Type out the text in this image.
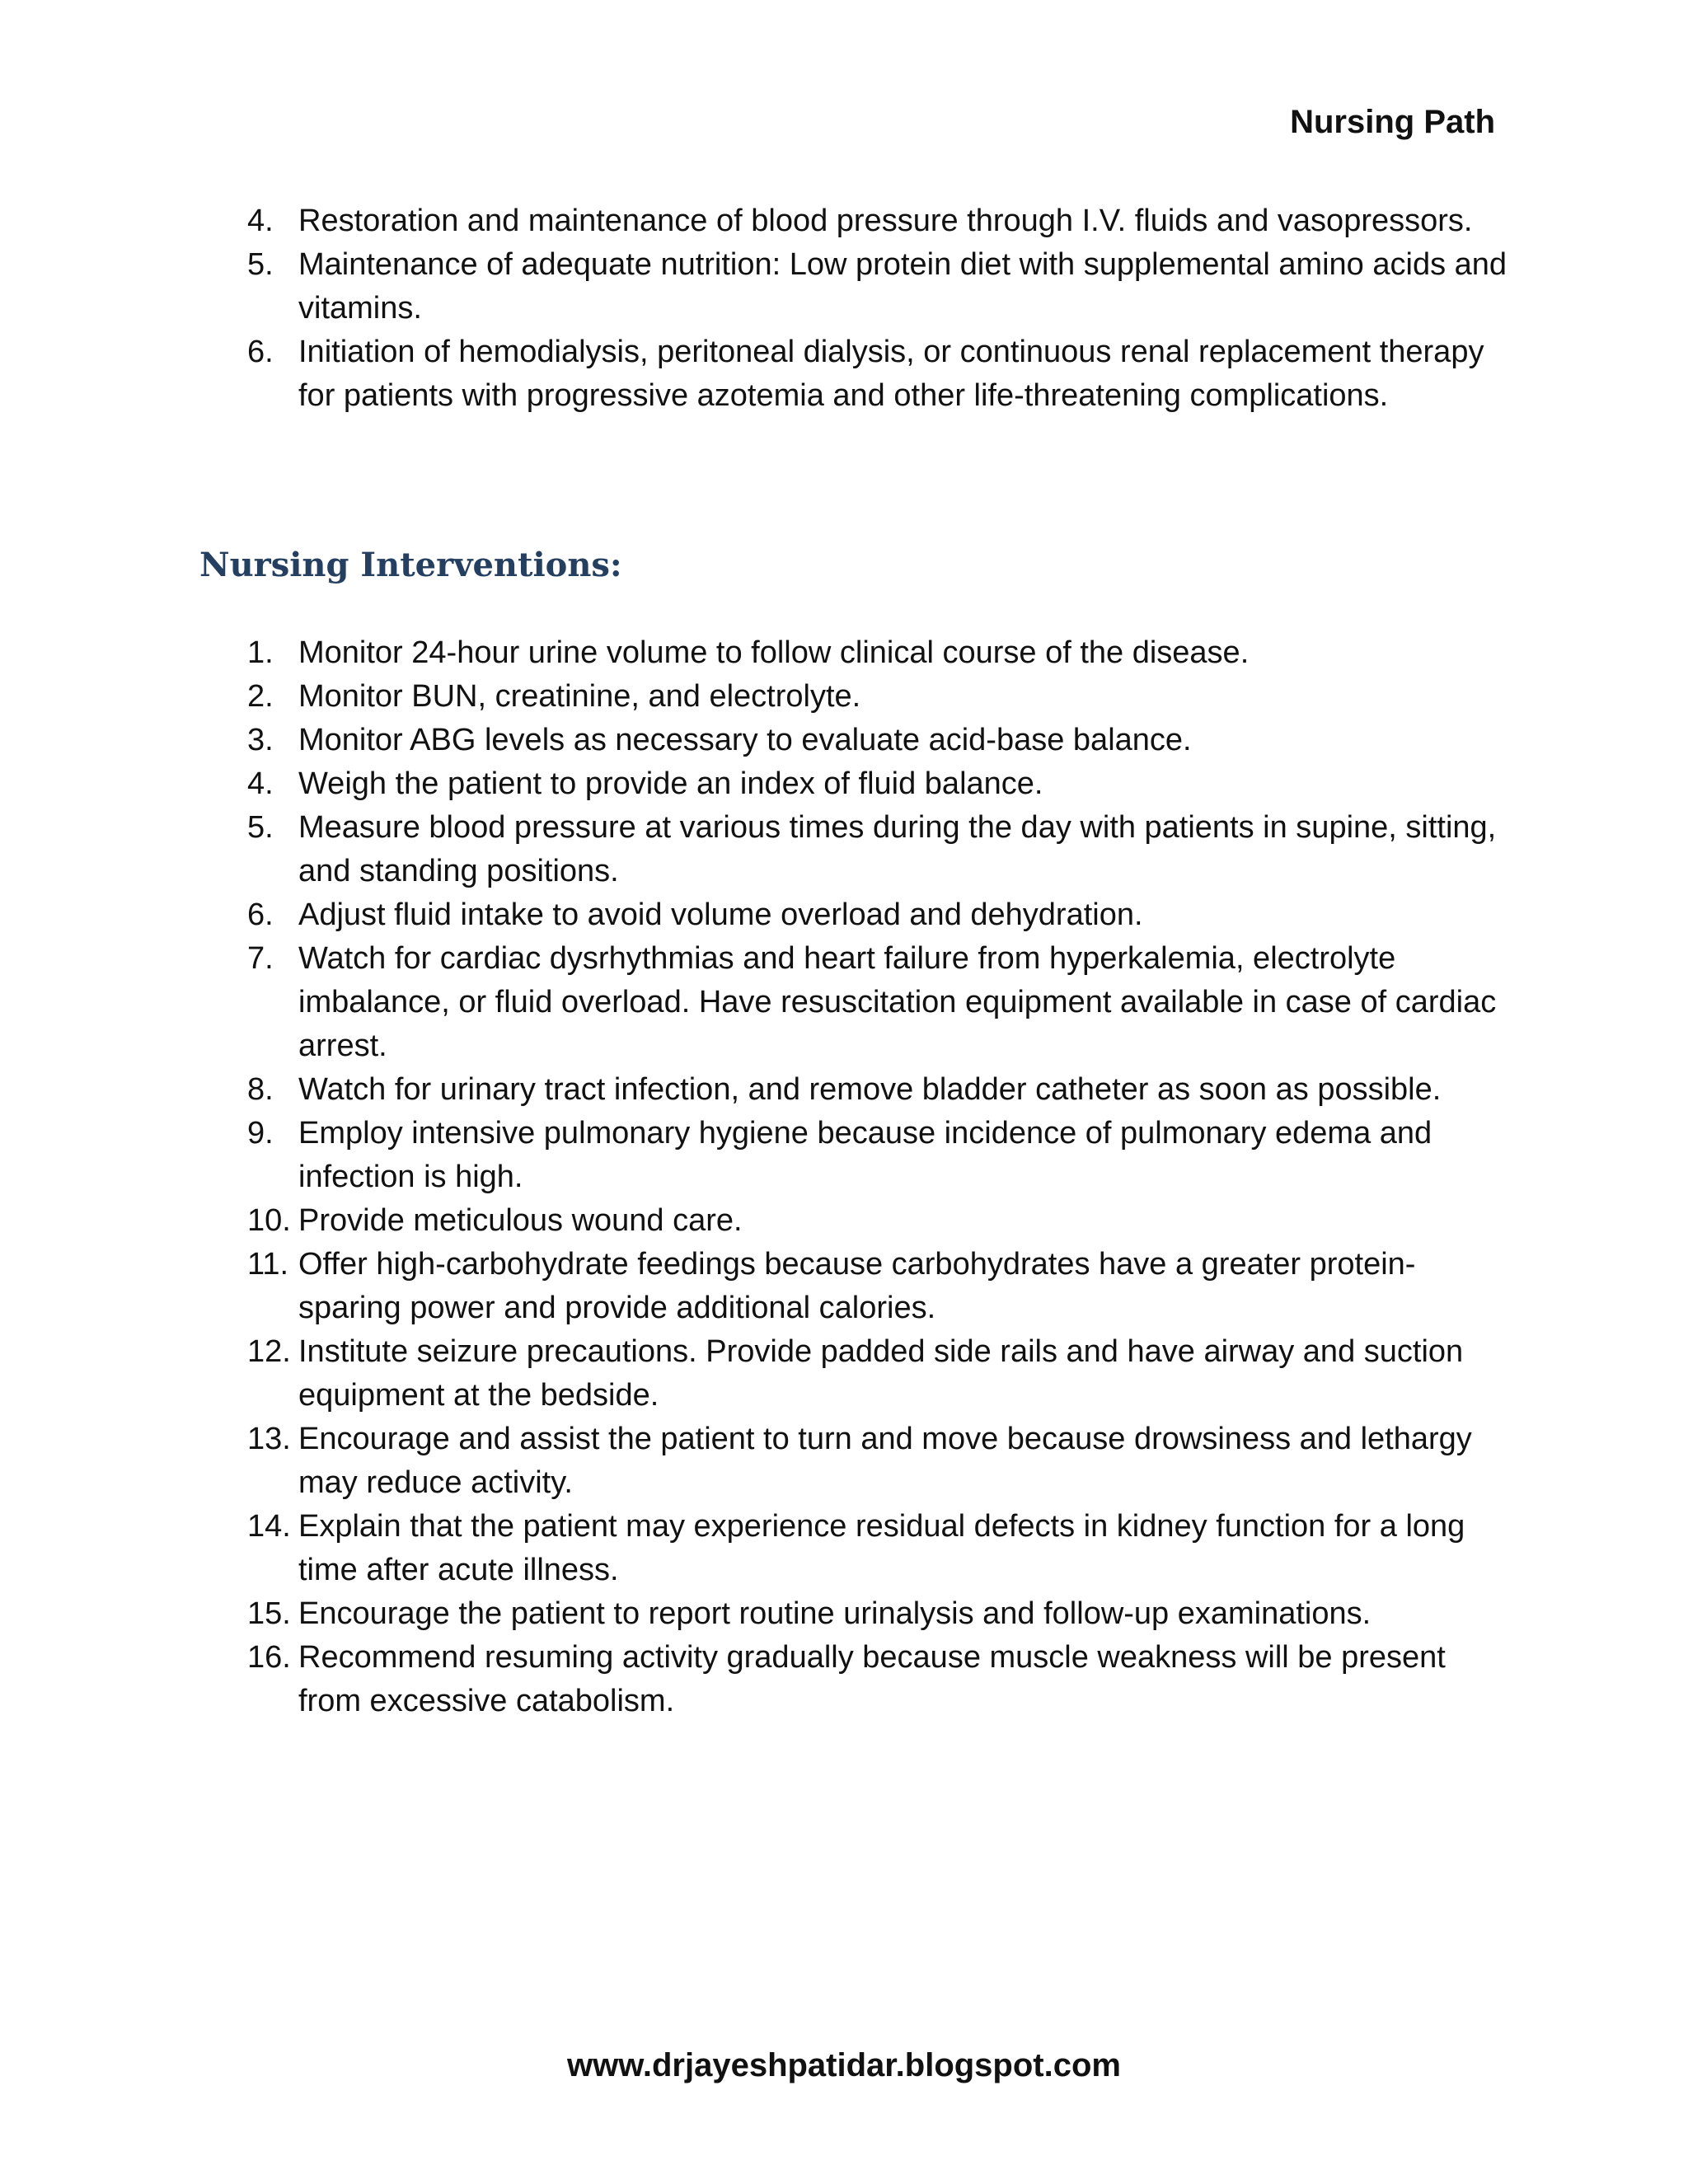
Nursing Path
4. Restoration and maintenance of blood pressure through I.V. fluids and vasopressors.
5. Maintenance of adequate nutrition: Low protein diet with supplemental amino acids and vitamins.
6. Initiation of hemodialysis, peritoneal dialysis, or continuous renal replacement therapy for patients with progressive azotemia and other life-threatening complications.
Nursing Interventions:
1. Monitor 24-hour urine volume to follow clinical course of the disease.
2. Monitor BUN, creatinine, and electrolyte.
3. Monitor ABG levels as necessary to evaluate acid-base balance.
4. Weigh the patient to provide an index of fluid balance.
5. Measure blood pressure at various times during the day with patients in supine, sitting, and standing positions.
6. Adjust fluid intake to avoid volume overload and dehydration.
7. Watch for cardiac dysrhythmias and heart failure from hyperkalemia, electrolyte imbalance, or fluid overload. Have resuscitation equipment available in case of cardiac arrest.
8. Watch for urinary tract infection, and remove bladder catheter as soon as possible.
9. Employ intensive pulmonary hygiene because incidence of pulmonary edema and infection is high.
10. Provide meticulous wound care.
11. Offer high-carbohydrate feedings because carbohydrates have a greater protein-sparing power and provide additional calories.
12. Institute seizure precautions. Provide padded side rails and have airway and suction equipment at the bedside.
13. Encourage and assist the patient to turn and move because drowsiness and lethargy may reduce activity.
14. Explain that the patient may experience residual defects in kidney function for a long time after acute illness.
15. Encourage the patient to report routine urinalysis and follow-up examinations.
16. Recommend resuming activity gradually because muscle weakness will be present from excessive catabolism.
www.drjayeshpatidar.blogspot.com
